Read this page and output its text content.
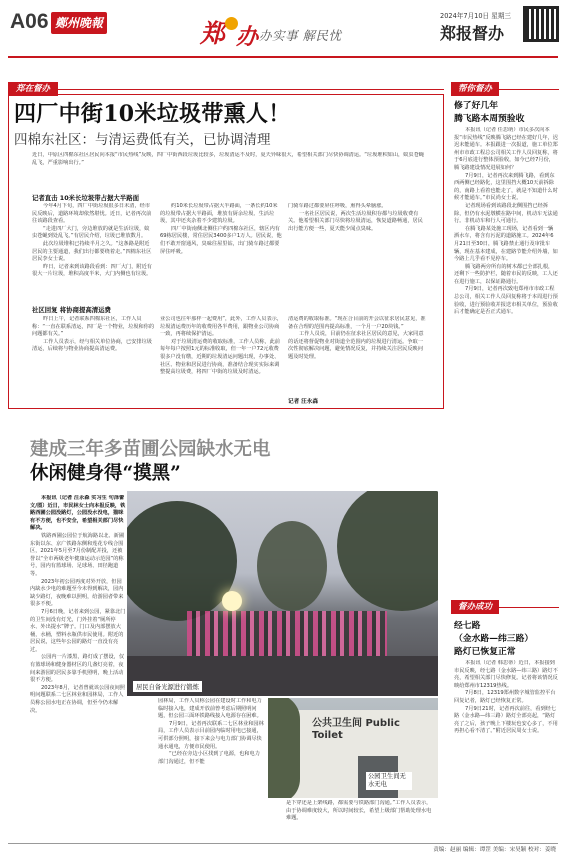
A06 鄭州晚報	郑 办 办实事 解民忧
2024年7月10日 星期三
郑报督办
郑在督办
四厂中街10米垃圾带熏人！
四棉东社区：与清运费低有关，已协调清理
近日，中原区四棉东社区居民向本报“市民热线”反映，四厂中街西段垃圾比较多，垃圾清运不及时，夏天异味很大，希望相关部门尽快协调清运。“垃圾堆积如山，蚊虫苍蝇乱飞，严重影响出行。”
记者直击 10米长垃圾带占据大半路面

今年4月下旬，四厂中街垃圾很多日未清，经市民反映后，道路环境却依然堪忧。近日，记者再次前往该路段查看。

“走进四厂大门，旁边堆放的就是生活垃圾，蚊虫苍蝇到处乱飞。”有居民介绍，垃圾已堆放数月。

此次垃圾堆积已持续半月之久。“这条路是附近居民的主要通道，我们出行都要绕着走。”四棉东社区居民李女士说。

昨日，记者来到该路段看到：四厂大门，附近有很大一片垃圾，堆积高度半米，大门内侧也有垃圾。

约10米长垃圾带占据大半路面，一条长约10米的垃圾带占据大半路面，堆放有厨余垃圾、生活垃圾，其中还夹杂着不少建筑垃圾。

四厂中街南侧北侧住户约四棉东社区，辖区内有69栋居民楼，常住居民3400多户1万人。居民说，他们不敢开窗通风，臭味往屋里钻，出门骑车路过都要屏住呼吸。

门骑车路过都要屏住呼吸，熏得头晕脑涨。

一名社区居民说，两次生活垃圾积存都与垃圾收费有关。他希望相关部门尽快将垃圾清运，恢复道路畅通，居民出行能方便一些，夏天能少闻点臭味。

社区回复 将协商提高清运费

昨日上午，记者联系四棉东社区，工作人员称：“一直在联系清运，四厂是一个物业，垃圾和你的问题都有关。”

工作人员表示，经与相关单位协商，已安排垃圾清运，后续将与物业协商提高清运费。

业公司也往年那样一起费用”，此外，工作人员表示，垃圾清运费历年的收费用各半费用，跟物业公司协商一致，再将续保护清运。

对于垃圾清运费的收取标准，工作人员称，此前每年每户按照1元的标准收取，但一年一户72元收费很多户没有缴，近期的垃圾清运问题出现，办事处、社区、物业和居民进行协商，准备结合现实实际来调整提高垃圾费，将四厂中街的垃圾及时清运。

清运费的收取标准。“现在合目前的开会以征求居民意见，准备在合理的范围内提高标准，一个月一户20块钱。”

工作人员说，目前仍在征求社区居民的意见，大家同意的话还将督促物业对街道全范围内的垃圾进行清运。争取一次性彻底解决问题，避免情况反复，并持续关注居民反映问题及时处理。

记者 汪永森
建成三年多苗圃公园缺水无电
休闲健身得“摸黑”

本报讯（记者 汪永森 实习生 句泽蕾 文/图）近日，市民林女士向本报反映，铁路西圃公园没路灯，公园没水没电，猫咪有不方便，也不安全，希望相关部门尽快解决。

铁路西圃公园位于航海路以北、新圃东街以东、京广铁路东侧和莲花专线合围区，2021年5月至7月份制配并投，还被誉以“全市两级老年健康运动示范园”的称号，园内有篮球场、足球场、田径跑道等。

2023年初公园再度对外开放，但园内缺水少电的难题至今未得到解决，园内缺少路灯，夜晚难以照明，给游园者带来很多不便。

7月6日晚，记者来到公园，紧靠北门的卫生间没有灯光，门外挂着“厕所停水、外出提水”牌子。门口及内部摆放大桶，水桶，塑料水瓶供市民使用。附近的居民说，这些年公园的路灯一直没有亮过。

公园内一片漆黑，路灯成了摆设，仅有篮球场和健身器材区的几盏灯亮着，夜间来游园的居民多靠手机照明，晚上活动很不方便。

2023年8月，记者曾就该公园夜间照明问题联系二七区林业和园林局，工作人员称公园水电正在协调，但至今仍未解决。

居民自备光源进行锻炼

园林局，工作人员称公园在建设时工作和电力临时接入电，建成开放前曾考虑后期照明问题，但公园三面环铁路线接入电源存在困难。

7月9日，记者再次联系二七区林业和园林局，工作人员表示目前园内临时用电已接通，可供部分照明，接下来会与电力部门协调尽快通水通电，方便市民使用。

“已经在旁边小区找到了电源，也和电力部门沟通过，但不能

公共卫生间 Public Toilet
公园卫生间无水无电

是下穿还是上架线路，都需要与铁路部门沟通。”工作人员表示，由于协调难度较大，所以时间较长，希望上级部门帮助处理水电难题。

帮你督办
修了好几年
腾飞路本周预验收

本报讯（记者 任思萌）市民多次向本报“市民热线”反映腾飞路已经在建好几年，迟迟未能通车。本报跟进一次报道，施工单位郑州市市政工程总公司相关工作人员回复称，将于6月底进行整体预验收，如今已经7月份，腾飞路建设情况进展如何？

7月9日，记者再次来到腾飞路，看到东西两侧已经路化，这里围挡大概10天前拆除的，南路上看着也能走了，就是不知道什么时候才能通车。”市民尚女士说。

记者现场看到该路段北侧围挡已经拆除，但仍有水泥墩横在路中间，机动车无法通行。非机动车和行人可通行。

在腾飞路某处施工现场，记者看到一辆洒水车，将含有污泥的道路施工。2024年6月21日至30日，腾飞路禁止通行及审批车辆，现在基本建成，在建路节能介绍外墙，如今路上几乎看不见停车。

腾飞路两旁所有的树木都已全部扎根，还剩下一些防护栏，随着市民的反映，工人还在进行施工，以保证路通行。

7月9日，记者再次致电郑州市市政工程总公司，相关工作人员回复称将于本周进行预验收，进行预验收并报送市相关单位，预验收后才能确定是否正式通车。

督办成功
经七路
（金水路—纬三路）
路灯已恢复正常

本报讯（记者 韩思蒂）近日，本报接到市民反映，经七路（金水路—纬三路）路灯不亮，希望相关部门尽快修复。记者将该情况反映给郑州市12319热线。

7月8日，12319郑州数字城管监控平台回复记者，路灯已经恢复正常。

7月9日21时，记者再次前往，看到经七路（金水路—纬三路）路灯全部亮起，“路灯亮了之后，孩子晚上下楼玩也安心多了，不用再担心看不清了。”附近居民周女士说。

责编：赵丽 编辑：谭罡 美编：宋昊颖 校对：姜晓
